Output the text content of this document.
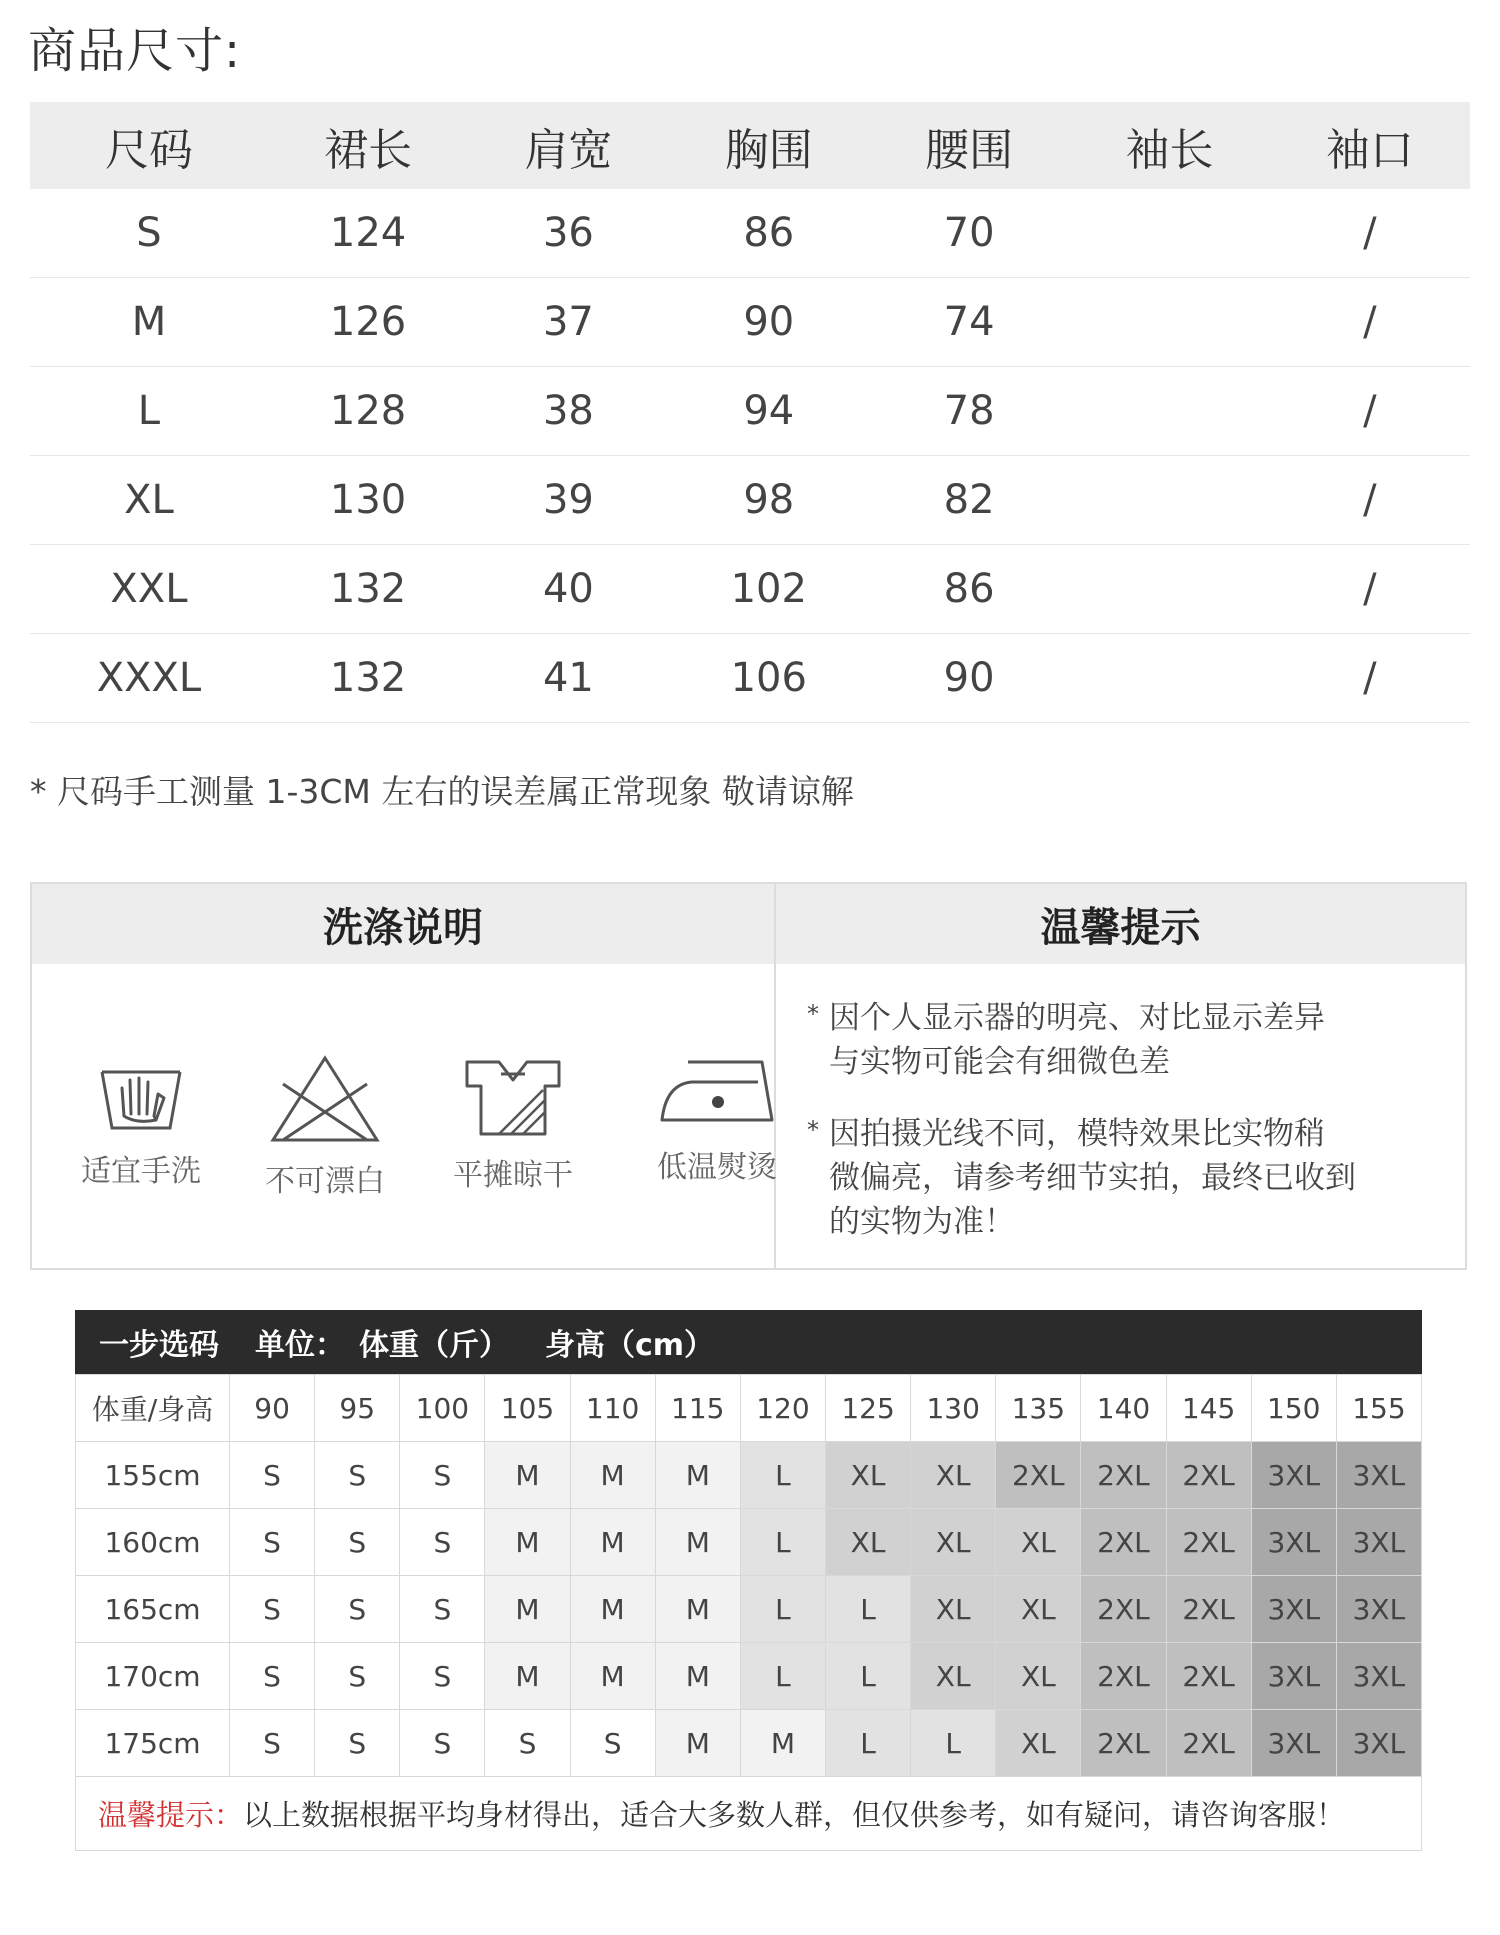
商品尺寸:
尺码	裙长	肩宽	胸围	腰围	袖长	袖口
S	124	36	86	70		/
M	126	37	90	74		/
L	128	38	94	78		/
XL	130	39	98	82		/
XXL	132	40	102	86		/
XXXL	132	41	106	90		/
* 尺码手工测量 1-3CM 左右的误差属正常现象 敬请谅解
洗涤说明	温馨提示
适宜手洗	不可漂白	平摊晾干	低温熨烫
* 因个人显示器的明亮、对比显示差异
与实物可能会有细微色差
* 因拍摄光线不同，模特效果比实物稍
微偏亮，请参考细节实拍，最终已收到
的实物为准！
一步选码 单位： 体重（斤） 身高（cm）
体重/身高	90	95	100	105	110	115	120	125	130	135	140	145	150	155
155cm	S	S	S	M	M	M	L	XL	XL	2XL	2XL	2XL	3XL	3XL
160cm	S	S	S	M	M	M	L	XL	XL	XL	2XL	2XL	3XL	3XL
165cm	S	S	S	M	M	M	L	L	XL	XL	2XL	2XL	3XL	3XL
170cm	S	S	S	M	M	M	L	L	XL	XL	2XL	2XL	3XL	3XL
175cm	S	S	S	S	S	M	M	L	L	XL	2XL	2XL	3XL	3XL
温馨提示： 以上数据根据平均身材得出，适合大多数人群，但仅供参考，如有疑问，请咨询客服！
